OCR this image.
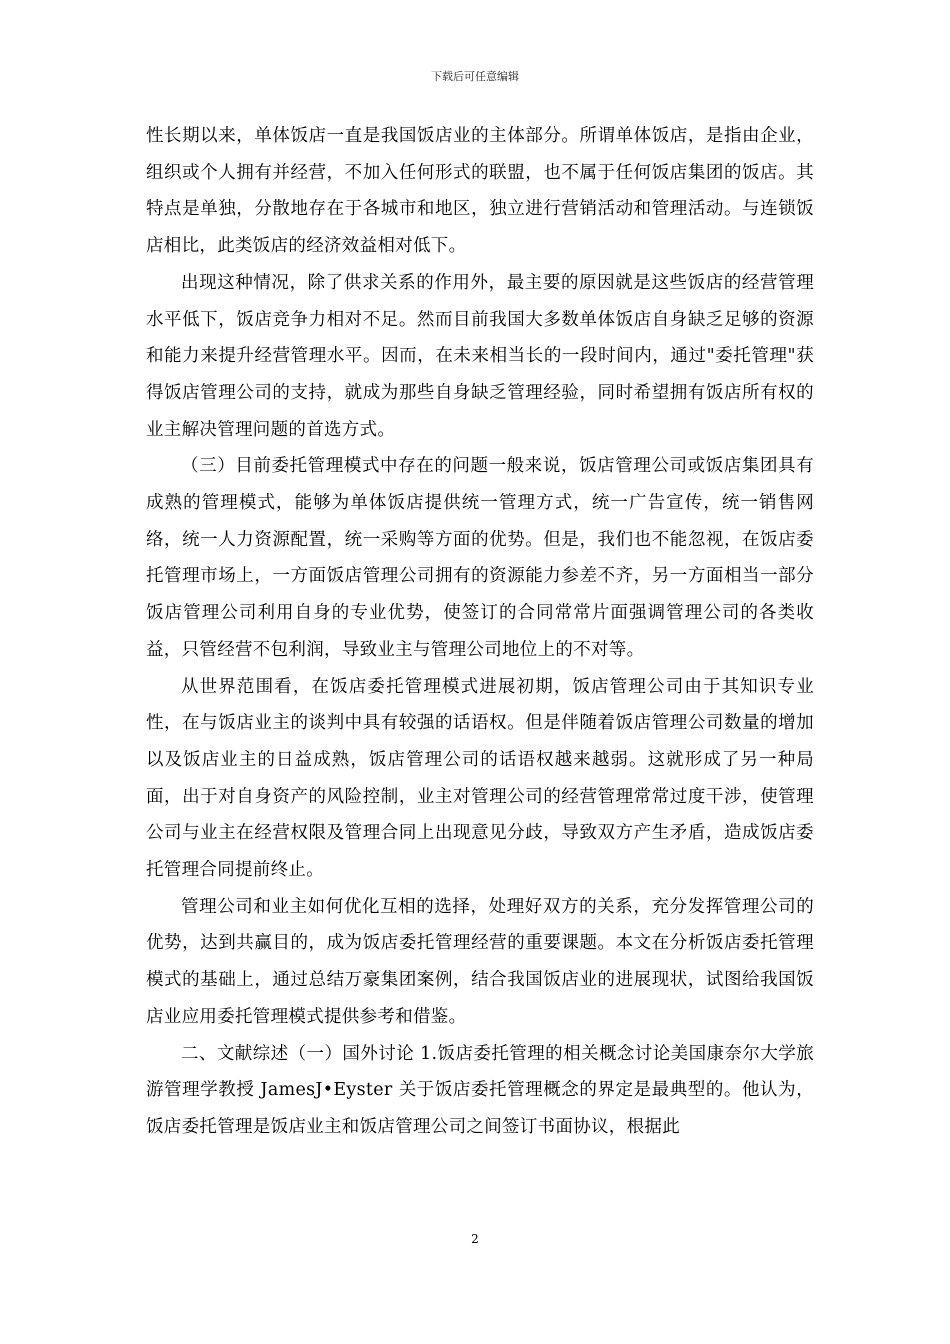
下载后可任意编辑

性长期以来，单体饭店一直是我国饭店业的主体部分。所谓单体饭店，是指由企业，组织或个人拥有并经营，不加入任何形式的联盟，也不属于任何饭店集团的饭店。其特点是单独，分散地存在于各城市和地区，独立进行营销活动和管理活动。与连锁饭店相比，此类饭店的经济效益相对低下。

出现这种情况，除了供求关系的作用外，最主要的原因就是这些饭店的经营管理水平低下，饭店竞争力相对不足。然而目前我国大多数单体饭店自身缺乏足够的资源和能力来提升经营管理水平。因而，在未来相当长的一段时间内，通过"委托管理"获得饭店管理公司的支持，就成为那些自身缺乏管理经验，同时希望拥有饭店所有权的业主解决管理问题的首选方式。

（三）目前委托管理模式中存在的问题一般来说，饭店管理公司或饭店集团具有成熟的管理模式，能够为单体饭店提供统一管理方式，统一广告宣传，统一销售网络，统一人力资源配置，统一采购等方面的优势。但是，我们也不能忽视，在饭店委托管理市场上，一方面饭店管理公司拥有的资源能力参差不齐，另一方面相当一部分饭店管理公司利用自身的专业优势，使签订的合同常常片面强调管理公司的各类收益，只管经营不包利润，导致业主与管理公司地位上的不对等。

从世界范围看，在饭店委托管理模式进展初期，饭店管理公司由于其知识专业性，在与饭店业主的谈判中具有较强的话语权。但是伴随着饭店管理公司数量的增加以及饭店业主的日益成熟，饭店管理公司的话语权越来越弱。这就形成了另一种局面，出于对自身资产的风险控制，业主对管理公司的经营管理常常过度干涉，使管理公司与业主在经营权限及管理合同上出现意见分歧，导致双方产生矛盾，造成饭店委托管理合同提前终止。

管理公司和业主如何优化互相的选择，处理好双方的关系，充分发挥管理公司的优势，达到共赢目的，成为饭店委托管理经营的重要课题。本文在分析饭店委托管理模式的基础上，通过总结万豪集团案例，结合我国饭店业的进展现状，试图给我国饭店业应用委托管理模式提供参考和借鉴。

二、文献综述（一）国外讨论 1.饭店委托管理的相关概念讨论美国康奈尔大学旅游管理学教授 JamesJ•Eyster 关于饭店委托管理概念的界定是最典型的。他认为，饭店委托管理是饭店业主和饭店管理公司之间签订书面协议，根据此

2
